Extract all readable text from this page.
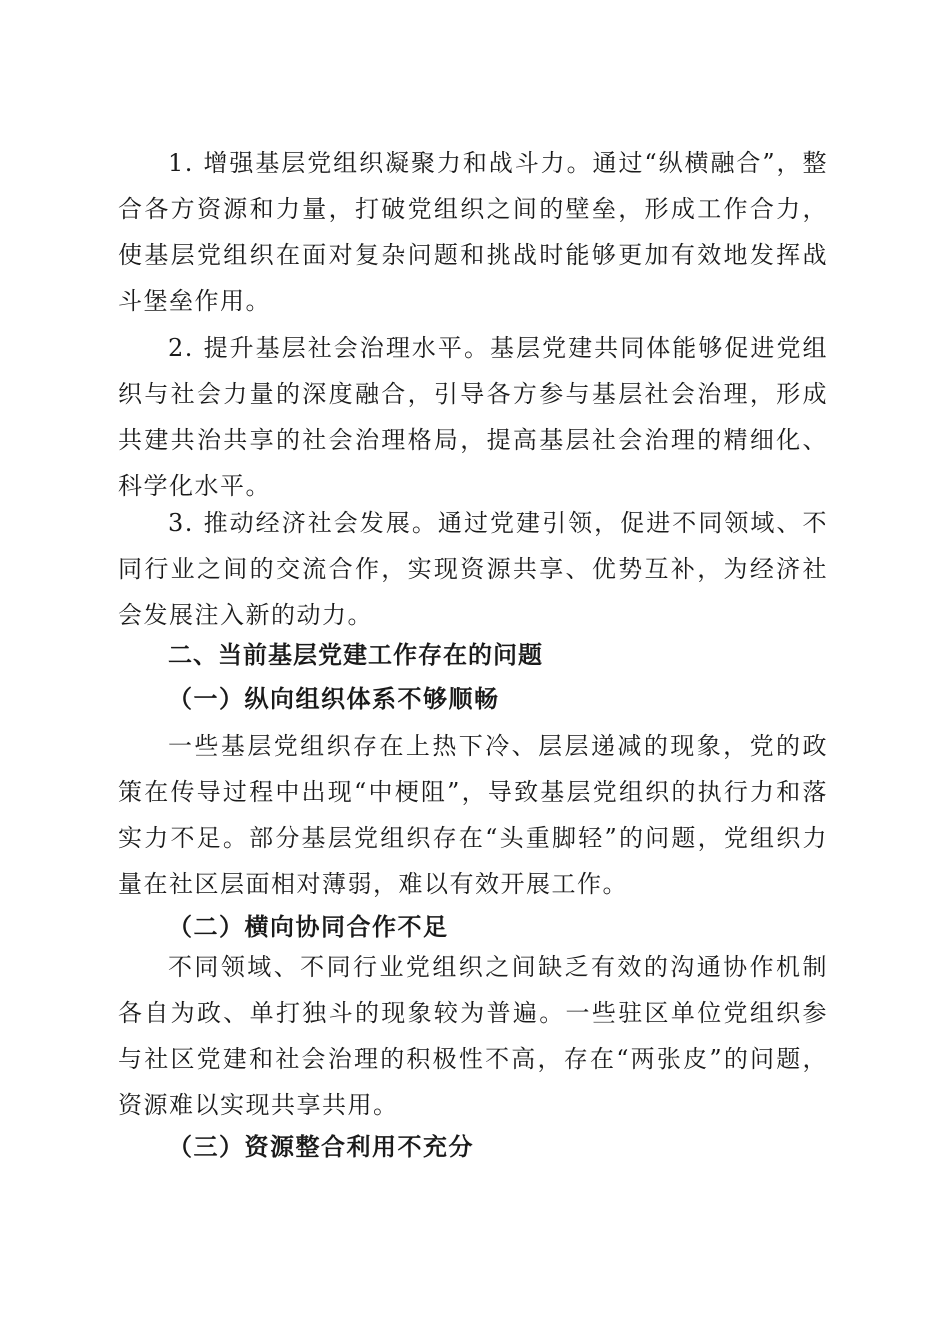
1. 增强基层党组织凝聚力和战斗力。通过“纵横融合”，整合各方资源和力量，打破党组织之间的壁垒，形成工作合力，使基层党组织在面对复杂问题和挑战时能够更加有效地发挥战斗堡垒作用。

2. 提升基层社会治理水平。基层党建共同体能够促进党组织与社会力量的深度融合，引导各方参与基层社会治理，形成共建共治共享的社会治理格局，提高基层社会治理的精细化、科学化水平。

3. 推动经济社会发展。通过党建引领，促进不同领域、不同行业之间的交流合作，实现资源共享、优势互补，为经济社会发展注入新的动力。

二、当前基层党建工作存在的问题
（一）纵向组织体系不够顺畅

一些基层党组织存在上热下冷、层层递减的现象，党的政策在传导过程中出现“中梗阻”，导致基层党组织的执行力和落实力不足。部分基层党组织存在“头重脚轻”的问题，党组织力量在社区层面相对薄弱，难以有效开展工作。

（二）横向协同合作不足

不同领域、不同行业党组织之间缺乏有效的沟通协作机制各自为政、单打独斗的现象较为普遍。一些驻区单位党组织参与社区党建和社会治理的积极性不高，存在“两张皮”的问题，资源难以实现共享共用。

（三）资源整合利用不充分
